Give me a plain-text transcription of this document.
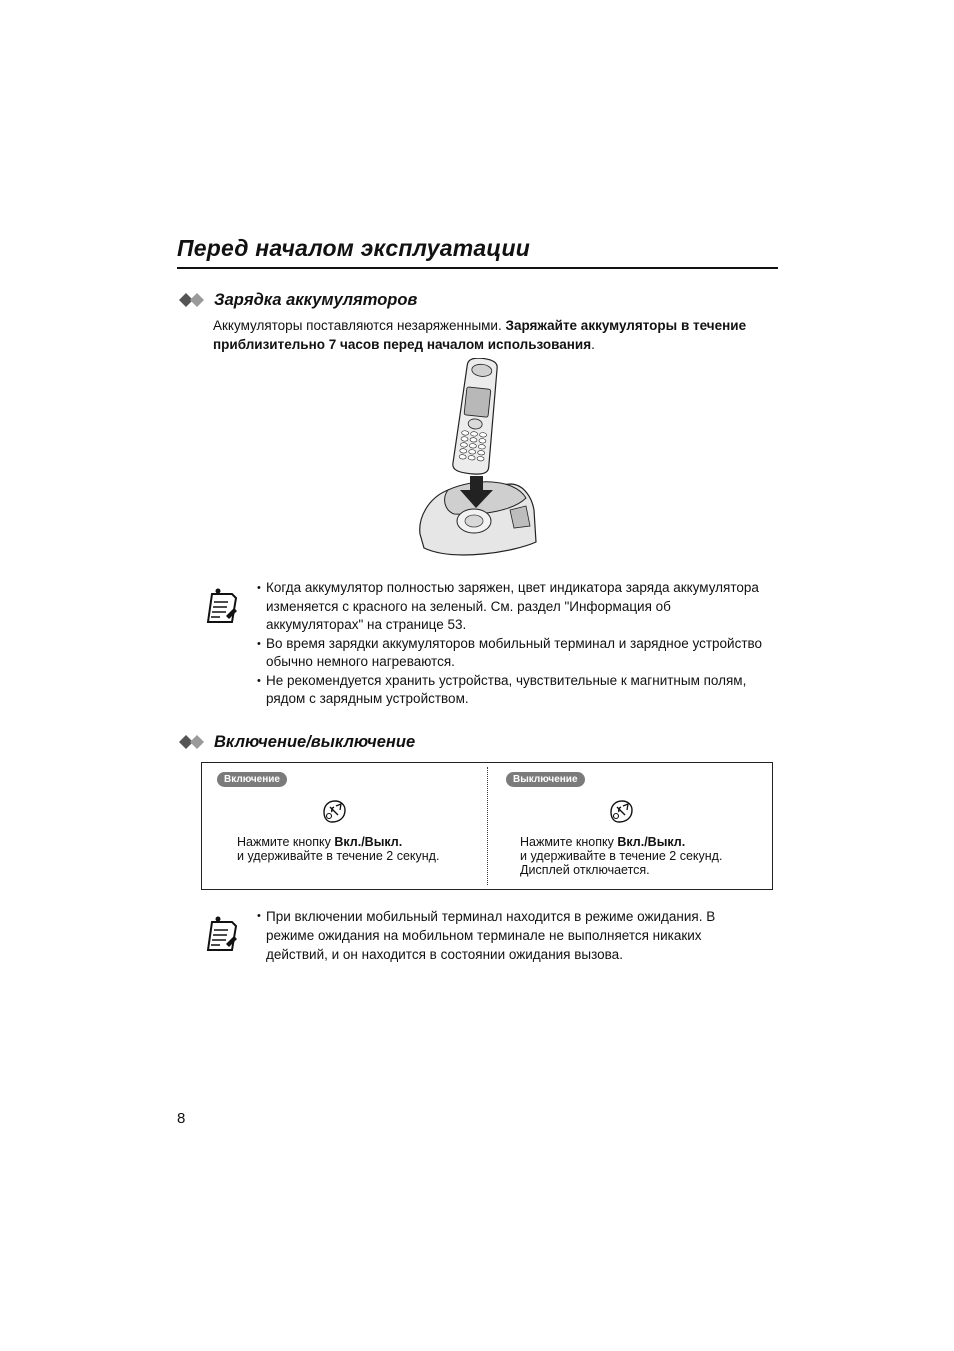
Перед началом эксплуатации
Зарядка аккумуляторов
Аккумуляторы поставляются незаряженными. Заряжайте аккумуляторы в течение приблизительно 7 часов перед началом использования.
• Когда аккумулятор полностью заряжен, цвет индикатора заряда аккумулятора изменяется с красного на зеленый. См. раздел "Информация об аккумуляторах" на странице 53.
• Во время зарядки аккумуляторов мобильный терминал и зарядное устройство обычно немного нагреваются.
• Не рекомендуется хранить устройства, чувствительные к магнитным полям, рядом с зарядным устройством.
Включение/выключение
Включение
Нажмите кнопку Вкл./Выкл.
и удерживайте в течение 2 секунд.
Выключение
Нажмите кнопку Вкл./Выкл.
и удерживайте в течение 2 секунд.
Дисплей отключается.
• При включении мобильный терминал находится в режиме ожидания. В режиме ожидания на мобильном терминале не выполняется никаких действий, и он находится в состоянии ожидания вызова.
8
